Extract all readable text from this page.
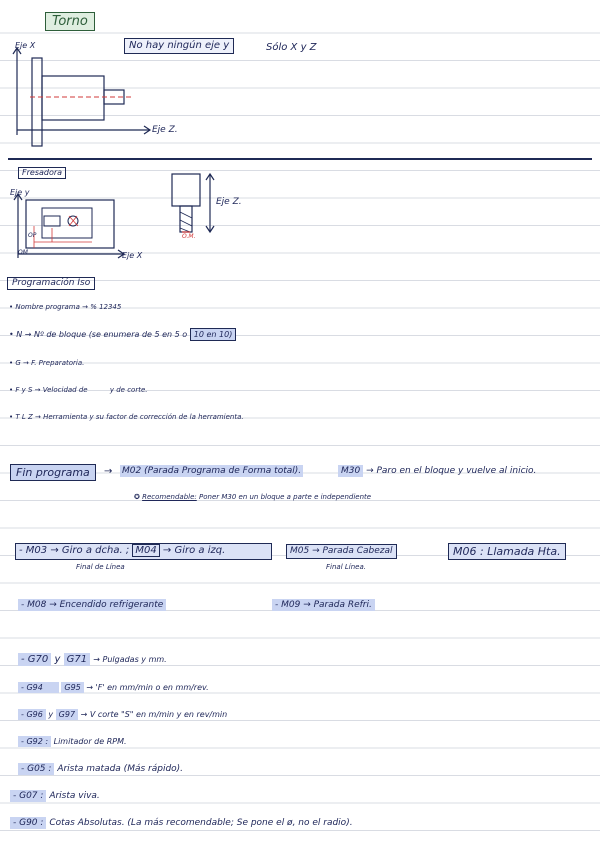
Torno
Eje X
Eje Z.
No hay ningún eje y	Sólo X y Z
Fresadora
Eje y
Eje X
OM
OP	O.M.
Eje Z.
Programación Iso
• Nombre programa → % 12345
• N → Nº de bloque (se enumera de 5 en 5 o 10 en 10)
• G → F. Preparatoria.
• F y S → Velocidad de          y de corte.
• T L Z → Herramienta y su factor de corrección de la herramienta.
Fin programa	→ M02 (Parada Programa de Forma total).	M30 → Paro en el bloque y vuelve al inicio.
✪ Recomendable: Poner M30 en un bloque a parte e independiente
- M03 → Giro a dcha. ; M04 → Giro a izq.	M05 → Parada Cabezal	M06 : Llamada Hta.
Final de Línea	Final Línea.
- M08 → Encendido refrigerante	- M09 → Parada Refri.
- G70 y G71 → Pulgadas y mm.
- G94	G95 → 'F' en mm/min o en mm/rev.
- G96 y G97 → V corte "S" en m/min y en rev/min
- G92 : Limitador de RPM.
- G05 : Arista matada (Más rápido).
- G07 : Arista viva.
- G90 : Cotas Absolutas. (La más recomendable; Se pone el ø, no el radio).
